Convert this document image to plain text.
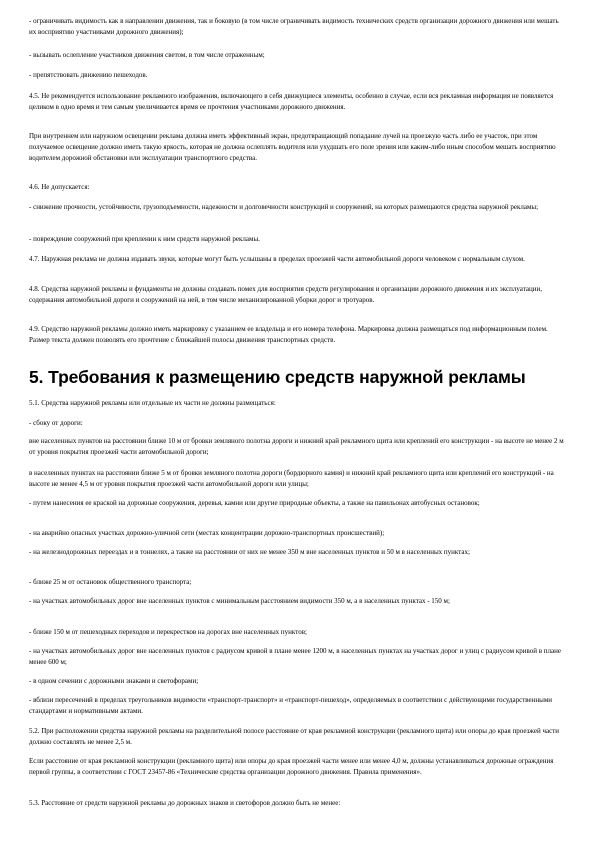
- ограничивать видимость как в направлении движения, так и боковую (в том числе ограничивать видимость технических средств организации дорожного движения или мешать их восприятию участниками дорожного движения);

- вызывать ослепление участников движения светом, в том числе отраженным;

- препятствовать движению пешеходов.

4.5. Не рекомендуется использование рекламного изображения, включающего в себя движущиеся элементы, особенно в случае, если вся рекламная информация не появляется целиком в одно время и тем самым увеличивается время ее прочтения участниками дорожного движения.

При внутреннем или наружном освещении реклама должна иметь эффективный экран, предотвращающий попадание лучей на проезжую часть либо ее участок, при этом получаемое освещение должно иметь такую яркость, которая не должна ослеплять водителя или ухудшать его поле зрения или каким-либо иным способом мешать восприятию водителем дорожной обстановки или эксплуатации транспортного средства.

4.6. Не допускается:

- снижение прочности, устойчивости, грузоподъемности, надежности и долговечности конструкций и сооружений, на которых размещаются средства наружной рекламы;

- повреждение сооружений при креплении к ним средств наружной рекламы.

4.7. Наружная реклама не должна издавать звуки, которые могут быть услышаны в пределах проезжей части автомобильной дороги человеком с нормальным слухом.

4.8. Средства наружной рекламы и фундаменты не должны создавать помех для восприятия средств регулирования и организации дорожного движения и их эксплуатации, содержания автомобильной дороги и сооружений на ней, в том числе механизированной уборки дорог и тротуаров.

4.9. Средство наружной рекламы должно иметь маркировку с указанием ее владельца и его номера телефона. Маркировка должна размещаться под информационным полем. Размер текста должен позволять его прочтение с ближайшей полосы движения транспортных средств.

5. Требования к размещению средств наружной рекламы

5.1. Средства наружной рекламы или отдельные их части не должны размещаться:

- сбоку от дороги:

вне населенных пунктов на расстоянии ближе 10 м от бровки земляного полотна дороги и нижний край рекламного щита или креплений его конструкции - на высоте не менее 2 м от уровня покрытия проезжей части автомобильной дороги;

в населенных пунктах на расстоянии ближе 5 м от бровки земляного полотна дороги (бордюрного камня) и нижний край рекламного щита или креплений его конструкций - на высоте не менее 4,5 м от уровня покрытия проезжей части автомобильной дороги или улицы;

- путем нанесения ее краской на дорожные сооружения, деревья, камни или другие природные объекты, а также на павильонах автобусных остановок;

- на аварийно опасных участках дорожно-уличной сети (местах концентрации дорожно-транспортных происшествий);

- на железнодорожных переездах и в тоннелях, а также на расстоянии от них не менее 350 м вне населенных пунктов и 50 м в населенных пунктах;

- ближе 25 м от остановок общественного транспорта;

- на участках автомобильных дорог вне населенных пунктов с минимальным расстоянием видимости 350 м, а в населенных пунктах - 150 м;

- ближе 150 м от пешеходных переходов и перекрестков на дорогах вне населенных пунктов;

- на участках автомобильных дорог вне населенных пунктов с радиусом кривой в плане менее 1200 м, в населенных пунктах на участках дорог и улиц с радиусом кривой в плане менее 600 м;

- в одном сечении с дорожными знаками и светофорами;

- вблизи пересечений в пределах треугольников видимости «транспорт-транспорт» и «транспорт-пешеход», определяемых в соответствии с действующими государственными стандартами и нормативными актами.

5.2. При расположении средства наружной рекламы на разделительной полосе расстояние от края рекламной конструкции (рекламного щита) или опоры до края проезжей части должно составлять не менее 2,5 м.

Если расстояние от края рекламной конструкции (рекламного щита) или опоры до края проезжей части менее или менее 4,0 м, должны устанавливаться дорожные ограждения первой группы, в соответствии с ГОСТ 23457-86 «Технические средства организации дорожного движения. Правила применения».

5.3. Расстояние от средств наружной рекламы до дорожных знаков и светофоров должно быть не менее:
